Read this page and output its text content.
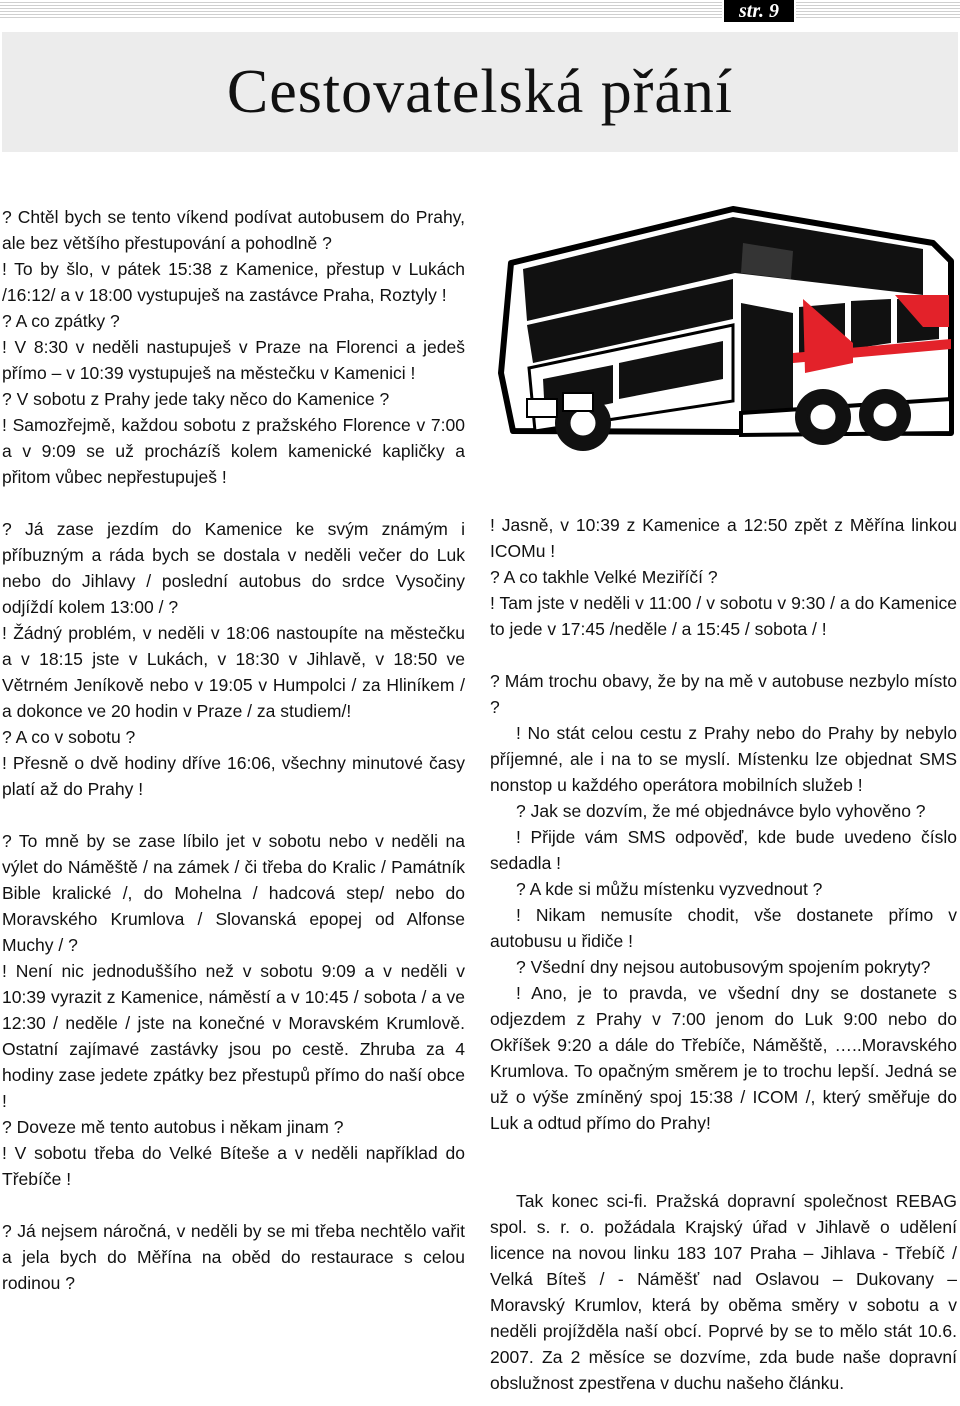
str. 9
Cestovatelská přání

? Chtěl bych se tento víkend podívat autobusem do Prahy, ale bez většího přestupování a pohodlně ?

! To by šlo, v pátek 15:38 z Kamenice, přestup v Lukách /16:12/ a v 18:00 vystupuješ na zastávce Praha, Roztyly !

? A co zpátky ?

! V 8:30 v neděli nastupuješ v Praze na Florenci a jedeš přímo – v 10:39 vystupuješ na městečku v Kamenici !

? V sobotu z Prahy jede taky něco do Kamenice ?

! Samozřejmě, každou sobotu z pražského Florence v 7:00 a v 9:09 se už procházíš kolem kamenické kapličky a přitom vůbec nepřestupuješ !

? Já zase jezdím do Kamenice ke svým známým i příbuzným a ráda bych se dostala v neděli večer do Luk nebo do Jihlavy / poslední autobus do srdce Vysočiny odjíždí kolem 13:00 / ?

! Žádný problém, v neděli v 18:06 nastoupíte na městečku a v 18:15 jste v Lukách, v 18:30 v Jihlavě, v 18:50 ve Větrném Jeníkově nebo v 19:05 v Humpolci / za Hliníkem / a dokonce ve 20 hodin v Praze / za studiem/!

? A co v sobotu ?

! Přesně o dvě hodiny dříve 16:06, všechny minutové časy platí až do Prahy !

? To mně by se zase líbilo jet v sobotu nebo v neděli na výlet do Náměště / na zámek / či třeba do Kralic / Památník Bible kralické /, do Mohelna / hadcová step/ nebo do Moravského Krumlova / Slovanská epopej od Alfonse Muchy / ?

! Není nic jednoduššího než v sobotu 9:09 a v neděli v 10:39 vyrazit z Kamenice, náměstí a v 10:45 / sobota / a ve 12:30 / neděle / jste na konečné v Moravském Krumlově. Ostatní zajímavé zastávky jsou po cestě. Zhruba za 4 hodiny zase jedete zpátky bez přestupů přímo do naší obce !

? Doveze mě tento autobus i někam jinam ?

! V sobotu třeba do Velké Bíteše a v neděli například do Třebíče !

? Já nejsem náročná, v neděli by se mi třeba nechtělo vařit a jela bych do Měřína na oběd do restaurace s celou rodinou ?

! Jasně, v 10:39 z Kamenice a 12:50 zpět z Měřína linkou ICOMu !

? A co takhle Velké Meziříčí ?

! Tam jste v neděli v 11:00 / v sobotu v 9:30 / a do Kamenice to jede v 17:45 /neděle / a 15:45 / sobota / !

? Mám trochu obavy, že by na mě v autobuse nezbylo místo ?

! No stát celou cestu z Prahy nebo do Prahy by nebylo příjemné, ale i na to se myslí. Místenku lze objednat SMS nonstop u každého operátora mobilních služeb !

? Jak se dozvím, že mé objednávce bylo vyhověno ?

! Přijde vám SMS odpověď, kde bude uvedeno číslo sedadla !

? A kde si můžu místenku vyzvednout ?

! Nikam nemusíte chodit, vše dostanete přímo v autobusu u řidiče !

? Všední dny nejsou autobusovým spojením pokryty?

! Ano, je to pravda, ve všední dny se dostanete s odjezdem z Prahy v 7:00 jenom do Luk 9:00 nebo do Okříšek 9:20 a dále do Třebíče, Náměště, …..Moravského Krumlova. To opačným směrem je to trochu lepší. Jedná se už o výše zmíněný spoj 15:38 / ICOM /, který směřuje do Luk a odtud přímo do Prahy!

Tak konec sci-fi. Pražská dopravní společnost REBAG spol. s. r. o. požádala Krajský úřad v Jihlavě o udělení licence na novou linku 183 107 Praha – Jihlava - Třebíč / Velká Bíteš / - Náměšť nad Oslavou – Dukovany – Moravský Krumlov, která by oběma směry v sobotu a v neděli projížděla naší obcí. Poprvé by se to mělo stát 10.6. 2007. Za 2 měsíce se dozvíme, zda bude naše dopravní obslužnost zpestřena v duchu našeho článku.
